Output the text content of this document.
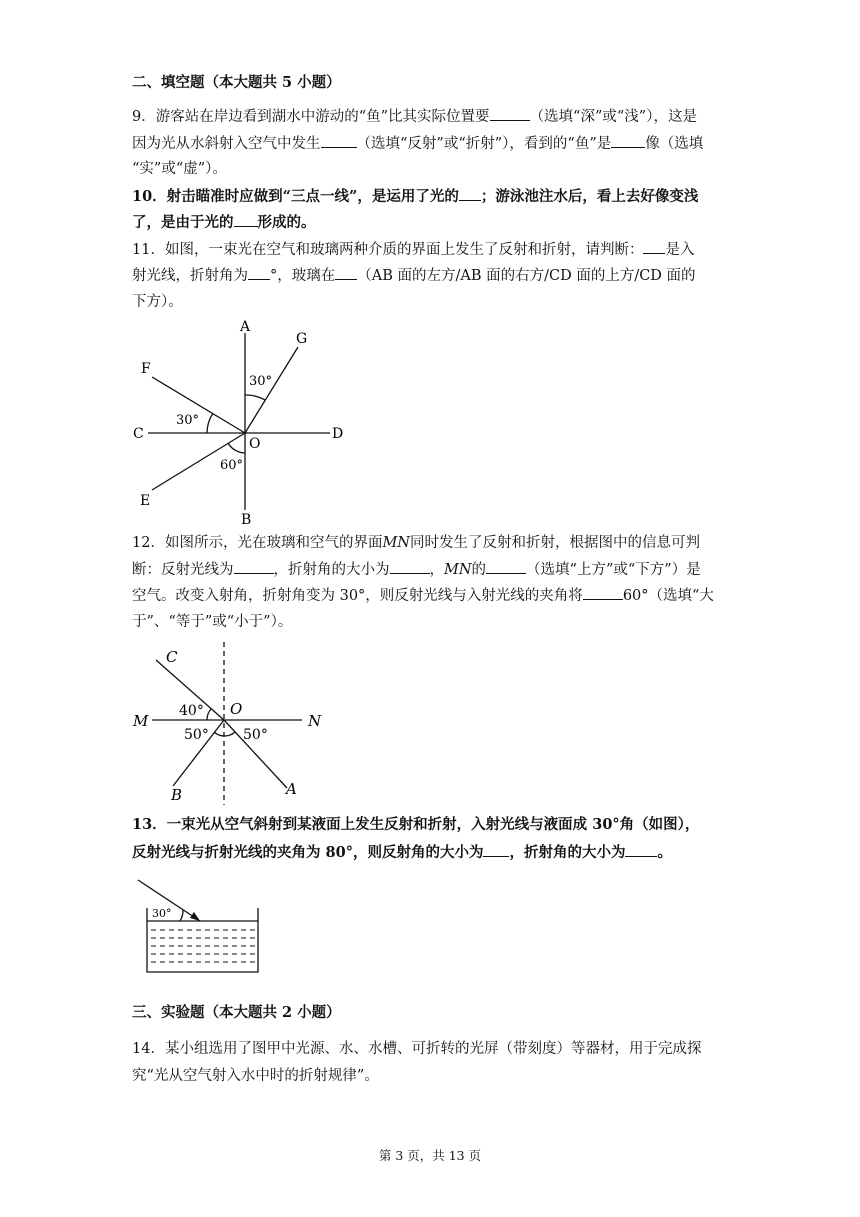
二、填空题（本大题共 5 小题）
9．游客站在岸边看到湖水中游动的“鱼”比其实际位置要	（选填“深”或“浅”），这是
因为光从水斜射入空气中发生 （选填“反射”或“折射”），看到的“鱼”是 像（选填
“实”或“虚”）。
10．射击瞄准时应做到“三点一线”，是运用了光的 ；游泳池注水后，看上去好像变浅
了，是由于光的 形成的。
11．如图，一束光在空气和玻璃两种介质的界面上发生了反射和折射，请判断： 是入
射光线，折射角为 °，玻璃在 （AB 面的左方/AB 面的右方/CD 面的上方/CD 面的
下方）。
A
B
C	D
E
F
G
O
30°
30°
60°
12．如图所示，光在玻璃和空气的界面MN同时发生了反射和折射，根据图中的信息可判
断：反射光线为	，折射角的大小为	，MN的	（选填“上方”或“下方”）是
空气。改变入射角，折射角变为 30°，则反射光线与入射光线的夹角将	60°（选填“大
于”、“等于”或“小于”）。
C
M	N
O
B	A
40°
50° 50°
13．一束光从空气斜射到某液面上发生反射和折射，入射光线与液面成 30°角（如图），
反射光线与折射光线的夹角为 80°，则反射角的大小为 ，折射角的大小为 。
30°
三、实验题（本大题共 2 小题）
14．某小组选用了图甲中光源、水、水槽、可折转的光屏（带刻度）等器材，用于完成探
究“光从空气射入水中时的折射规律”。
第 3 页，共 13 页
